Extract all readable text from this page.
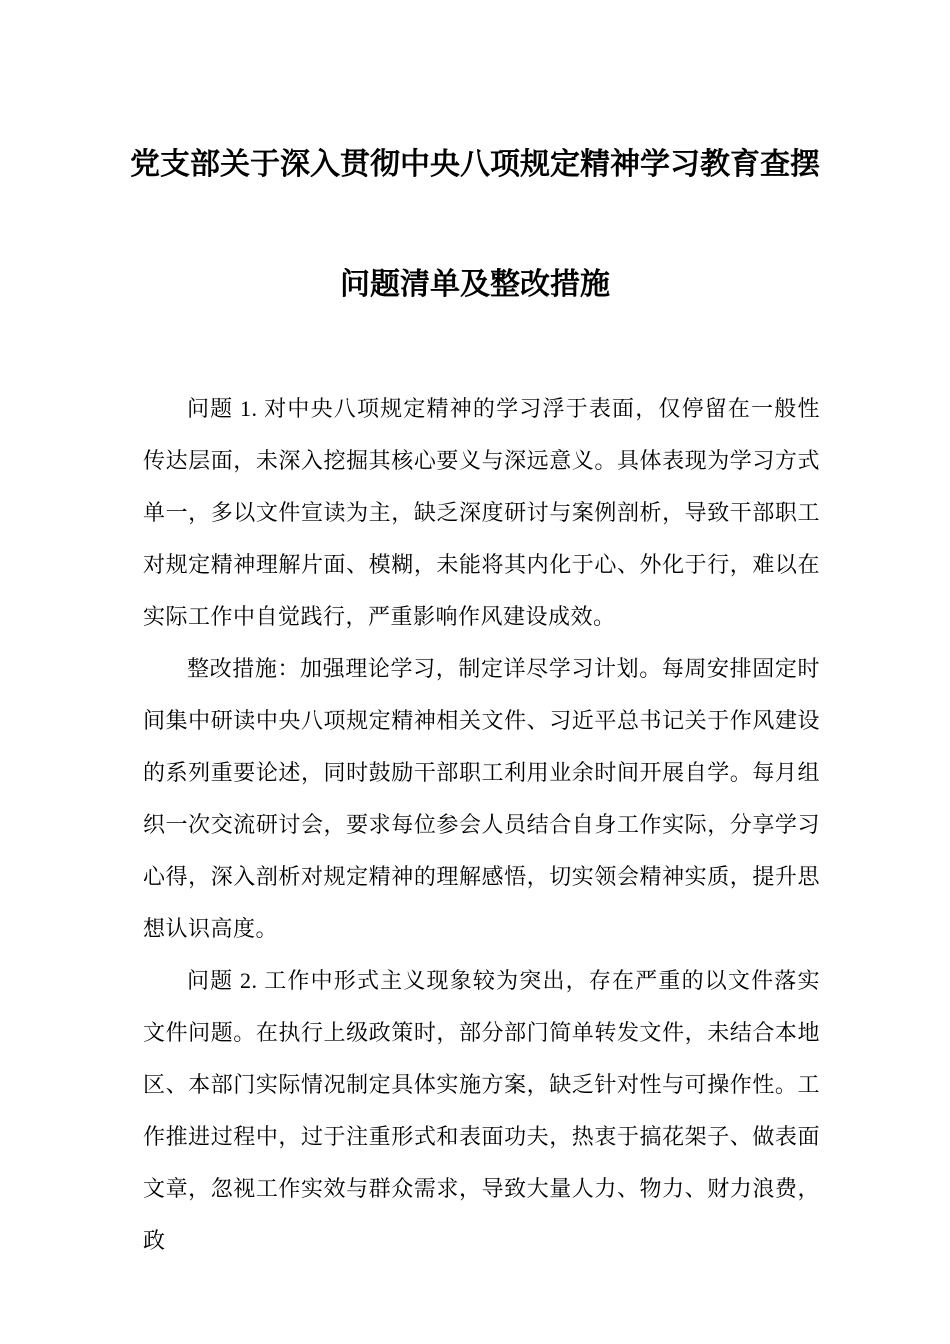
党支部关于深入贯彻中央八项规定精神学习教育查摆
问题清单及整改措施

问题 1. 对中央八项规定精神的学习浮于表面，仅停留在一般性传达层面，未深入挖掘其核心要义与深远意义。具体表现为学习方式单一，多以文件宣读为主，缺乏深度研讨与案例剖析，导致干部职工对规定精神理解片面、模糊，未能将其内化于心、外化于行，难以在实际工作中自觉践行，严重影响作风建设成效。

整改措施：加强理论学习，制定详尽学习计划。每周安排固定时间集中研读中央八项规定精神相关文件、习近平总书记关于作风建设的系列重要论述，同时鼓励干部职工利用业余时间开展自学。每月组织一次交流研讨会，要求每位参会人员结合自身工作实际，分享学习心得，深入剖析对规定精神的理解感悟，切实领会精神实质，提升思想认识高度。

问题 2. 工作中形式主义现象较为突出，存在严重的以文件落实文件问题。在执行上级政策时，部分部门简单转发文件，未结合本地区、本部门实际情况制定具体实施方案，缺乏针对性与可操作性。工作推进过程中，过于注重形式和表面功夫，热衷于搞花架子、做表面文章，忽视工作实效与群众需求，导致大量人力、物力、财力浪费，政
